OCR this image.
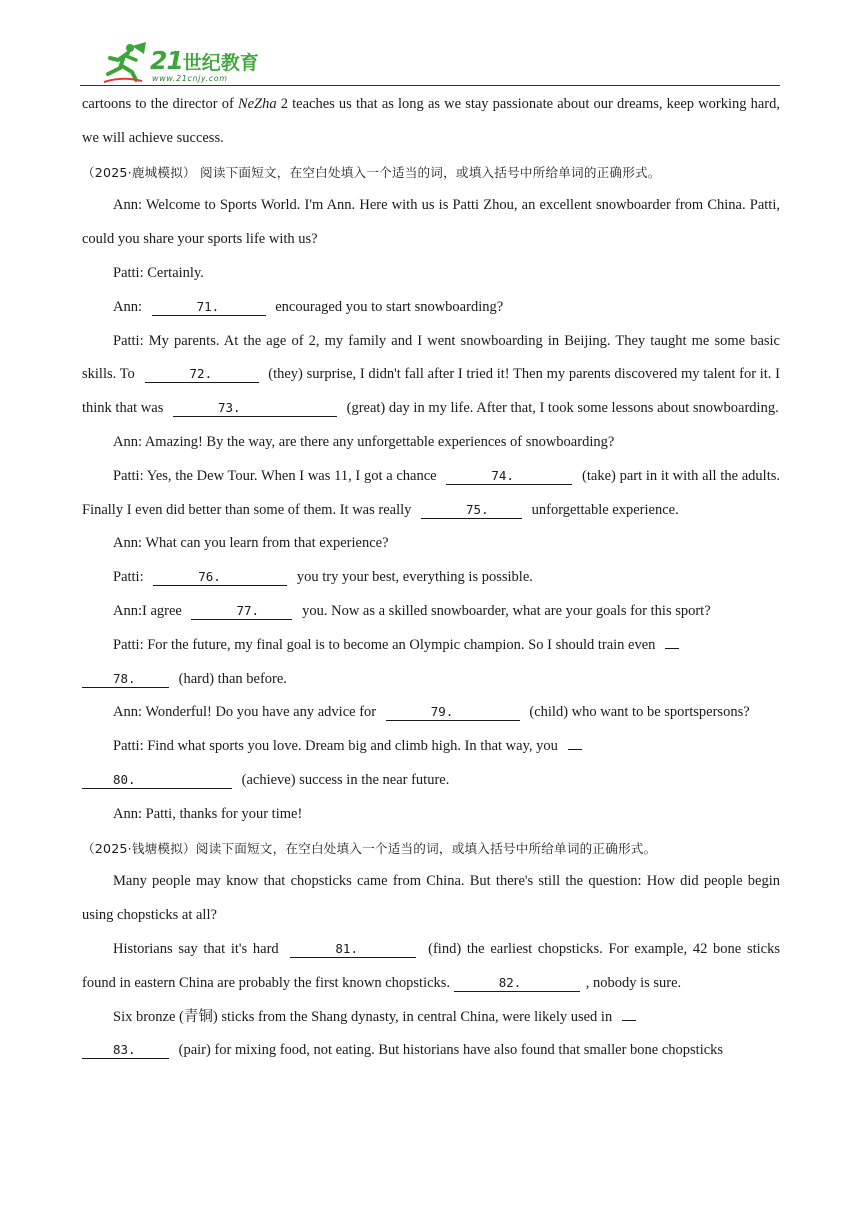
21世纪教育
www.21cnjy.com

cartoons to the director of NeZha 2 teaches us that as long as we stay passionate about our dreams, keep working hard, we will achieve success.

（2025·鹿城模拟） 阅读下面短文，在空白处填入一个适当的词，或填入括号中所给单词的正确形式。

Ann: Welcome to Sports World. I'm Ann. Here with us is Patti Zhou, an excellent snowboarder from China. Patti, could you share your sports life with us?

Patti: Certainly.

Ann:	71.	encouraged you to start snowboarding?

Patti: My parents. At the age of 2, my family and I went snowboarding in Beijing. They taught me some basic skills. To	72.	(they) surprise, I didn't fall after I tried it! Then my parents discovered my talent for it. I think that was	73.	(great) day in my life. After that, I took some lessons about snowboarding.

Ann: Amazing! By the way, are there any unforgettable experiences of snowboarding?

Patti: Yes, the Dew Tour. When I was 11, I got a chance	74.	(take) part in it with all the adults. Finally I even did better than some of them. It was really	75.	unforgettable experience.

Ann: What can you learn from that experience?

Patti:	76.	you try your best, everything is possible.

Ann:I agree	77.	you. Now as a skilled snowboarder, what are your goals for this sport?

Patti: For the future, my final goal is to become an Olympic champion. So I should train even
78.	(hard) than before.

Ann: Wonderful! Do you have any advice for	79.	(child) who want to be sportspersons?

Patti: Find what sports you love. Dream big and climb high. In that way, you
80.	(achieve) success in the near future.

Ann: Patti, thanks for your time!

（2025·钱塘模拟）阅读下面短文，在空白处填入一个适当的词，或填入括号中所给单词的正确形式。

Many people may know that chopsticks came from China. But there's still the question: How did people begin using chopsticks at all?

Historians say that it's hard	81.	(find) the earliest chopsticks. For example, 42 bone sticks found in eastern China are probably the first known chopsticks.	82.	, nobody is sure.

Six bronze (青铜) sticks from the Shang dynasty, in central China, were likely used in
83.	(pair) for mixing food, not eating. But historians have also found that smaller bone chopsticks
